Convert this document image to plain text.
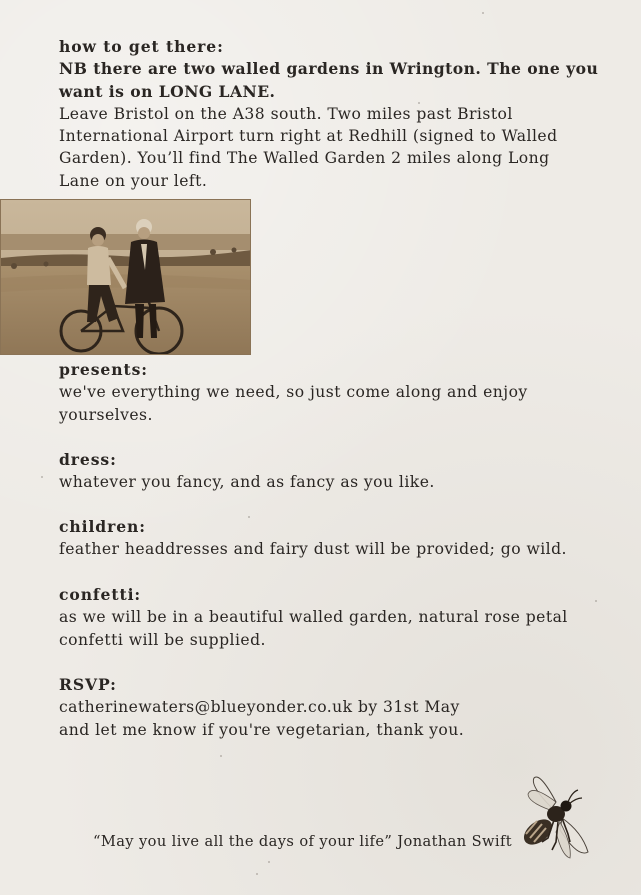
how to get there:
NB there are two walled gardens in Wrington. The one you
want is on LONG LANE.
Leave Bristol on the A38 south. Two miles past Bristol
International Airport turn right at Redhill (signed to Walled
Garden). You’ll find The Walled Garden 2 miles along Long
Lane on your left.
presents:
we've everything we need, so just come along and enjoy
yourselves.
dress:
whatever you fancy, and as fancy as you like.
children:
feather headdresses and fairy dust will be provided; go wild.
confetti:
as we will be in a beautiful walled garden, natural rose petal
confetti will be supplied.
RSVP:
catherinewaters@blueyonder.co.uk by 31st May
and let me know if you're vegetarian, thank you.
“May you live all the days of your life” Jonathan Swift
